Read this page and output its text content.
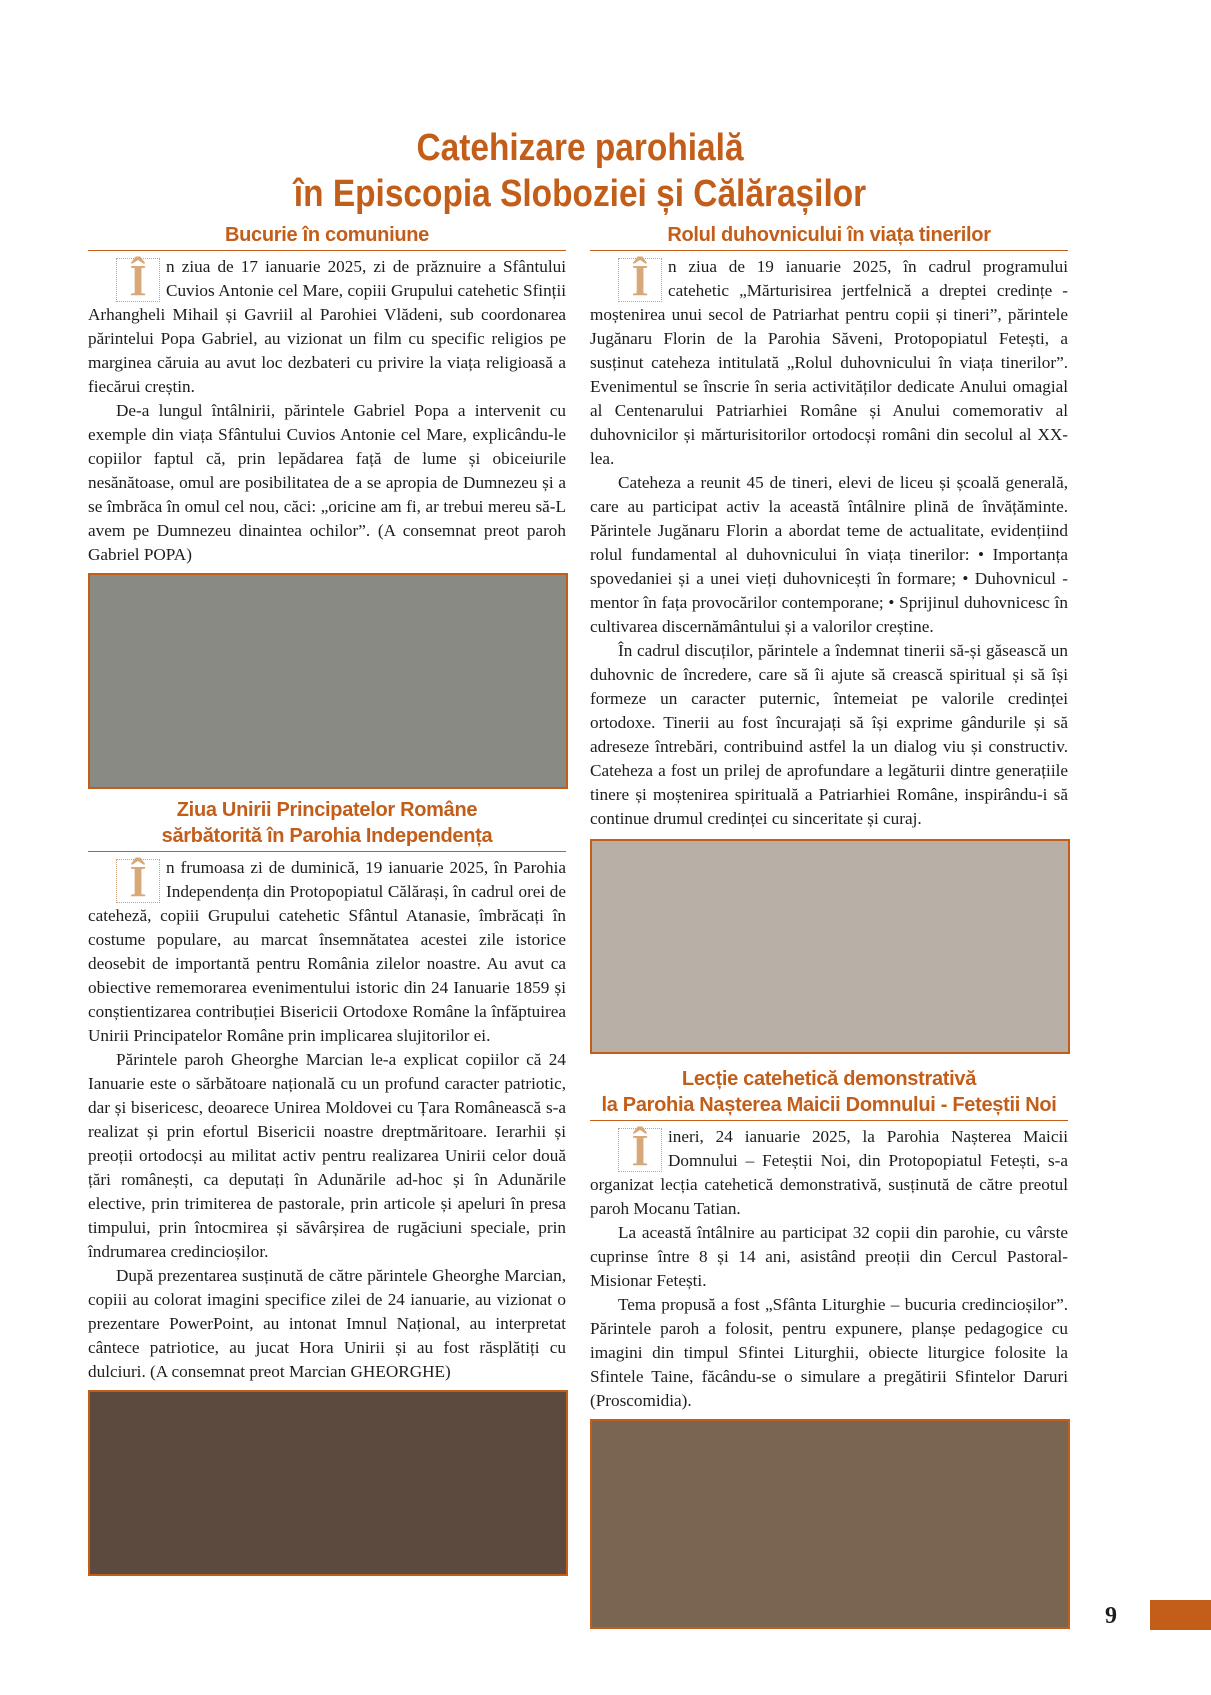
Catehizare parohială
în Episcopia Sloboziei și Călărașilor
Bucurie în comuniune

Î	n ziua de 17 ianuarie 2025, zi de prăznuire a Sfântului Cuvios Antonie cel Mare, copiii Grupului catehetic Sfinții Arhangheli Mihail și Gavriil al Parohiei Vlădeni, sub coordonarea părintelui Popa Gabriel, au vizionat un film cu specific religios pe marginea căruia au avut loc dezbateri cu privire la viața religioasă a fiecărui creștin.

De-a lungul întâlnirii, părintele Gabriel Popa a intervenit cu exemple din viața Sfântului Cuvios Antonie cel Mare, explicându-le copiilor faptul că, prin lepădarea față de lume și obiceiurile nesănătoase, omul are posibilitatea de a se apropia de Dumnezeu și a se îmbrăca în omul cel nou, căci: „oricine am fi, ar trebui mereu să-L avem pe Dumnezeu dinaintea ochilor”. (A consemnat preot paroh Gabriel POPA)

Ziua Unirii Principatelor Române
sărbătorită în Parohia Independența

Î	n frumoasa zi de duminică, 19 ianuarie 2025, în Parohia Independența din Protopopiatul Călărași, în cadrul orei de cateheză, copiii Grupului catehetic Sfântul Atanasie, îmbrăcați în costume populare, au marcat însemnătatea acestei zile istorice deosebit de importantă pentru România zilelor noastre. Au avut ca obiective rememorarea evenimentului istoric din 24 Ianuarie 1859 și conștientizarea contribuției Bisericii Ortodoxe Române la înfăptuirea Unirii Principatelor Române prin implicarea slujitorilor ei.

Părintele paroh Gheorghe Marcian le-a explicat copiilor că 24 Ianuarie este o sărbătoare națională cu un profund caracter patriotic, dar și bisericesc, deoarece Unirea Moldovei cu Țara Românească s-a realizat și prin efortul Bisericii noastre dreptmăritoare. Ierarhii și preoții ortodocși au militat activ pentru realizarea Unirii celor două țări românești, ca deputați în Adunările ad-hoc și în Adunările elective, prin trimiterea de pastorale, prin articole și apeluri în presa timpului, prin întocmirea și săvârșirea de rugăciuni speciale, prin îndrumarea credincioșilor.

După prezentarea susținută de către părintele Gheorghe Marcian, copiii au colorat imagini specifice zilei de 24 ianuarie, au vizionat o prezentare PowerPoint, au intonat Imnul Național, au interpretat cântece patriotice, au jucat Hora Unirii și au fost răsplătiți cu dulciuri. (A consemnat preot Marcian GHEORGHE)

Rolul duhovnicului în viața tinerilor

Î	n ziua de 19 ianuarie 2025, în cadrul programului catehetic „Mărturisirea jertfelnică a dreptei credințe - moștenirea unui secol de Patriarhat pentru copii și tineri”, părintele Jugănaru Florin de la Parohia Săveni, Protopopiatul Fetești, a susținut cateheza intitulată „Rolul duhovnicului în viața tinerilor”. Evenimentul se înscrie în seria activităților dedicate Anului omagial al Centenarului Patriarhiei Române și Anului comemorativ al duhovnicilor și mărturisitorilor ortodocși români din secolul al XX-lea.

Cateheza a reunit 45 de tineri, elevi de liceu și școală generală, care au participat activ la această întâlnire plină de învățăminte. Părintele Jugănaru Florin a abordat teme de actualitate, evidențiind rolul fundamental al duhovnicului în viața tinerilor: • Importanța spovedaniei și a unei vieți duhovnicești în formare; • Duhovnicul - mentor în fața provocărilor contemporane; • Sprijinul duhovnicesc în cultivarea discernământului și a valorilor creștine.

În cadrul discuților, părintele a îndemnat tinerii să-și găsească un duhovnic de încredere, care să îi ajute să crească spiritual și să își formeze un caracter puternic, întemeiat pe valorile credinței ortodoxe. Tinerii au fost încurajați să își exprime gândurile și să adreseze întrebări, contribuind astfel la un dialog viu și constructiv. Cateheza a fost un prilej de aprofundare a legăturii dintre generațiile tinere și moștenirea spirituală a Patriarhiei Române, inspirându-i să continue drumul credinței cu sinceritate și curaj.

Lecție catehetică demonstrativă
la Parohia Nașterea Maicii Domnului - Feteștii Noi

Î	ineri, 24 ianuarie 2025, la Parohia Nașterea Maicii Domnului – Feteștii Noi, din Protopopiatul Fetești, s-a organizat lecția catehetică demonstrativă, susținută de către preotul paroh Mocanu Tatian.

La această întâlnire au participat 32 copii din parohie, cu vârste cuprinse între 8 și 14 ani, asistând preoții din Cercul Pastoral-Misionar Fetești.

Tema propusă a fost „Sfânta Liturghie – bucuria credincioșilor”. Părintele paroh a folosit, pentru expunere, planșe pedagogice cu imagini din timpul Sfintei Liturghii, obiecte liturgice folosite la Sfintele Taine, făcându-se o simulare a pregătirii Sfintelor Daruri (Proscomidia).

9
